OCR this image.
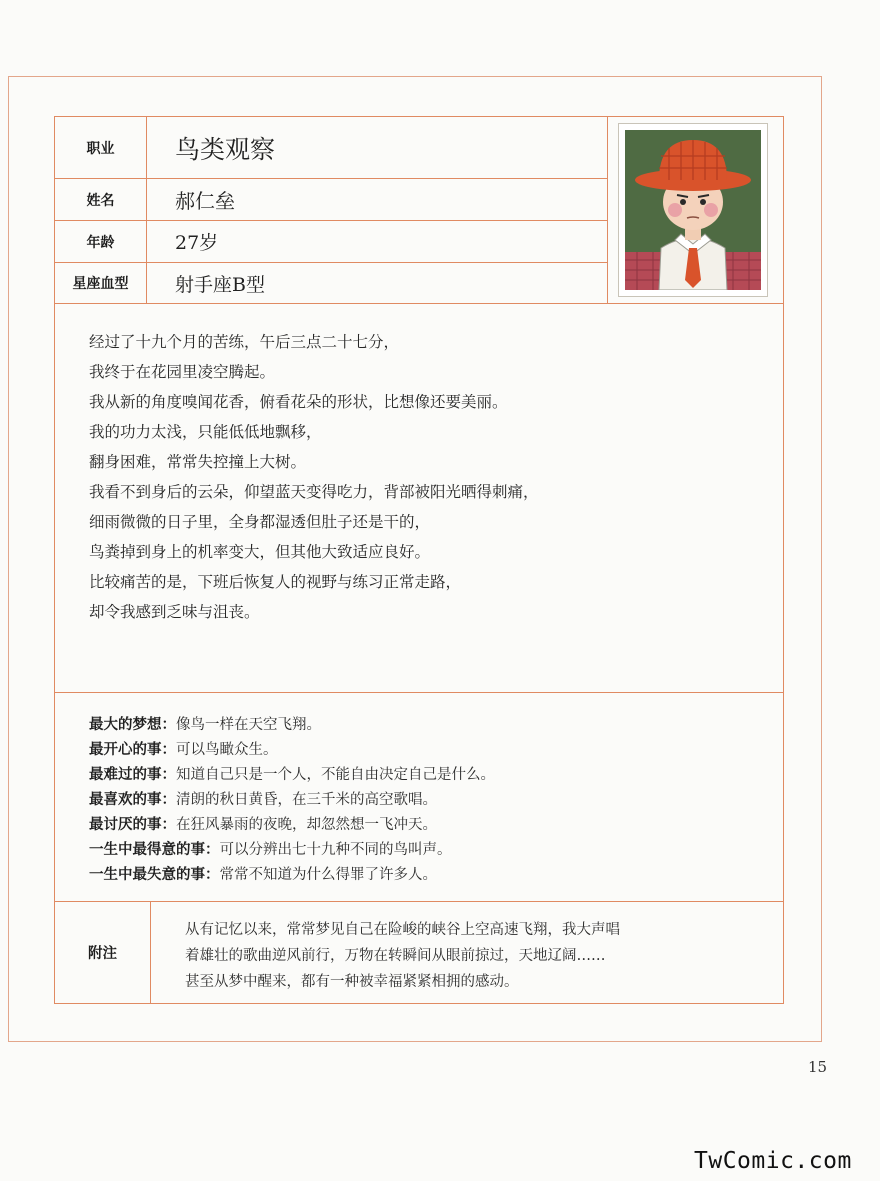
职业	鸟类观察
姓名	郝仁垒
年龄	27岁
星座血型	射手座B型
经过了十九个月的苦练，午后三点二十七分，
我终于在花园里凌空腾起。
我从新的角度嗅闻花香，俯看花朵的形状，比想像还要美丽。
我的功力太浅，只能低低地飘移，
翻身困难，常常失控撞上大树。
我看不到身后的云朵，仰望蓝天变得吃力，背部被阳光晒得刺痛，
细雨微微的日子里，全身都湿透但肚子还是干的，
鸟粪掉到身上的机率变大，但其他大致适应良好。
比较痛苦的是，下班后恢复人的视野与练习正常走路，
却令我感到乏味与沮丧。
最大的梦想：像鸟一样在天空飞翔。
最开心的事：可以鸟瞰众生。
最难过的事：知道自己只是一个人，不能自由决定自己是什么。
最喜欢的事：清朗的秋日黄昏，在三千米的高空歌唱。
最讨厌的事：在狂风暴雨的夜晚，却忽然想一飞冲天。
一生中最得意的事：可以分辨出七十九种不同的鸟叫声。
一生中最失意的事：常常不知道为什么得罪了许多人。
附注
从有记忆以来，常常梦见自己在险峻的峡谷上空高速飞翔，我大声唱
着雄壮的歌曲逆风前行，万物在转瞬间从眼前掠过，天地辽阔……
甚至从梦中醒来，都有一种被幸福紧紧相拥的感动。
15
TwComic.com
